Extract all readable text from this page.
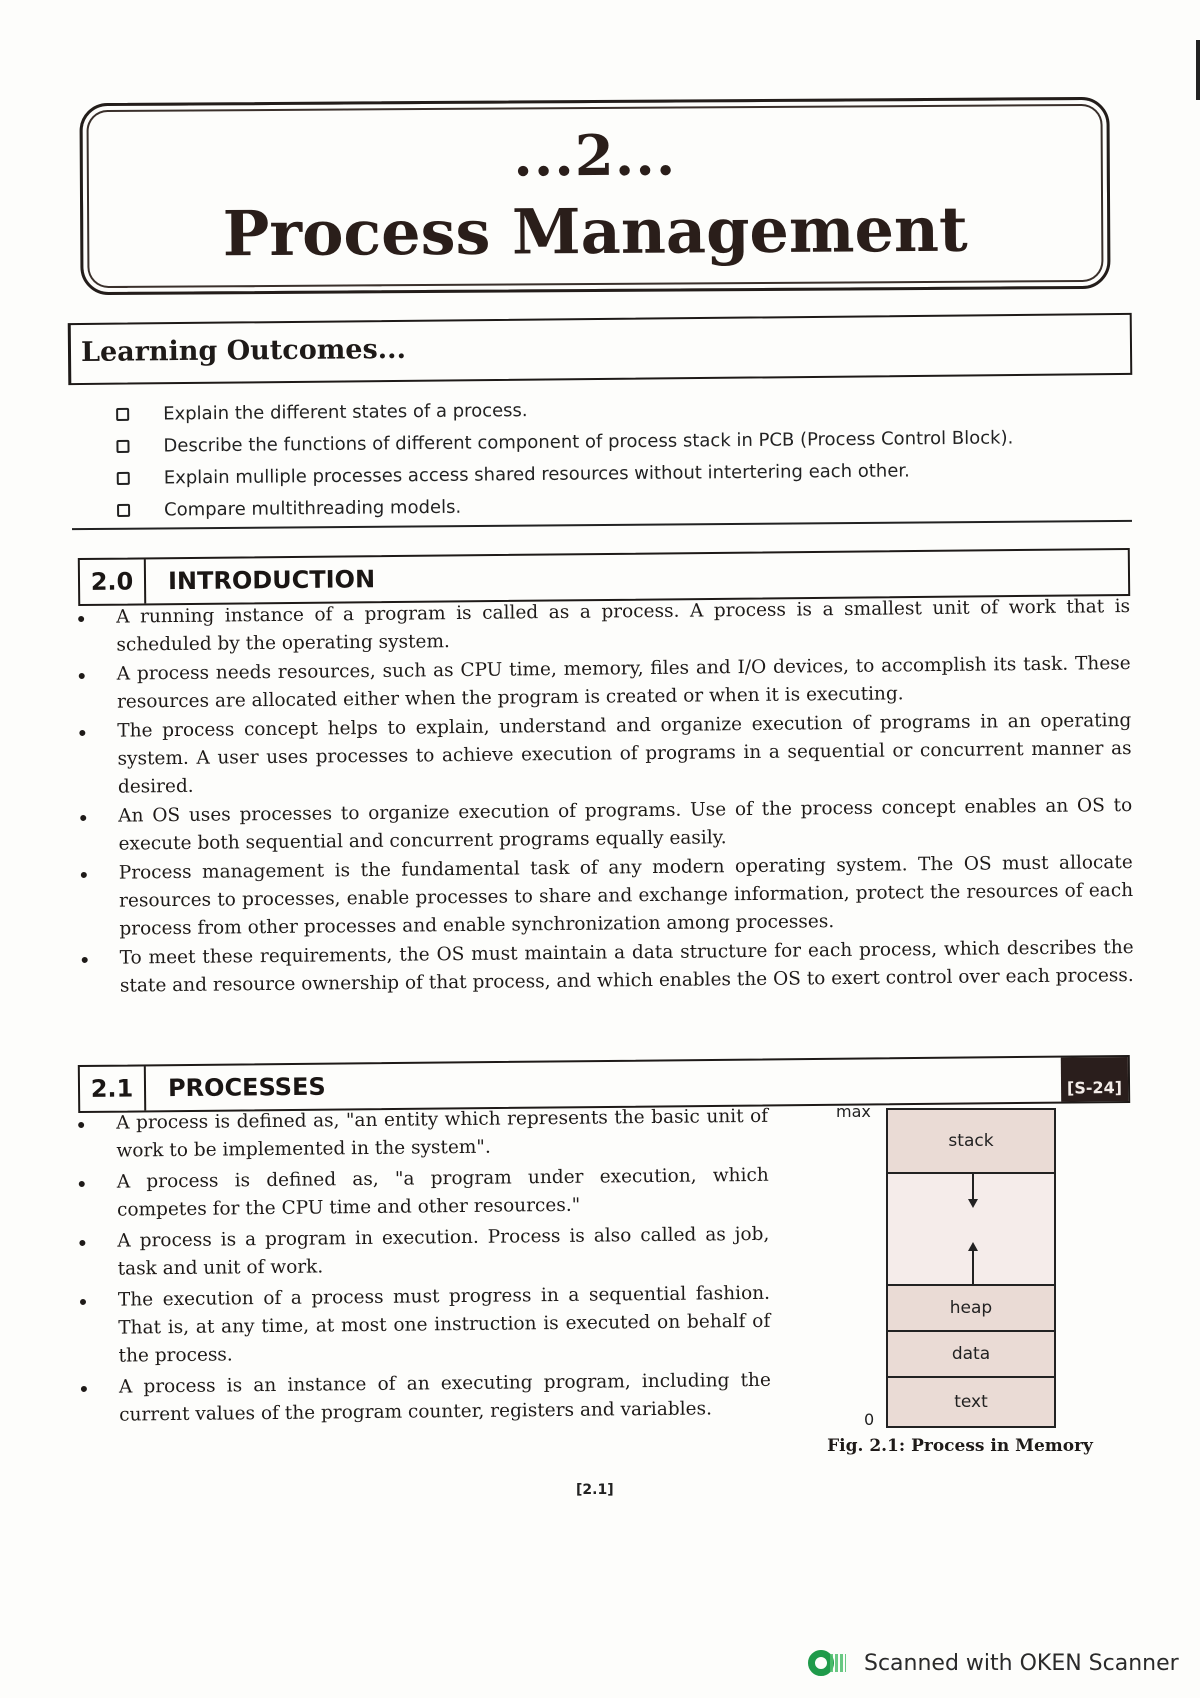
...2...
Process Management
Learning Outcomes...
Explain the different states of a process.
Describe the functions of different component of process stack in PCB (Process Control Block).
Explain mulliple processes access shared resources without intertering each other.
Compare multithreading models.
2.0	INTRODUCTION
A running instance of a program is called as a process. A process is a smallest unit of work that is scheduled by the operating system.
A process needs resources, such as CPU time, memory, files and I/O devices, to accomplish its task. These resources are allocated either when the program is created or when it is executing.
The process concept helps to explain, understand and organize execution of programs in an operating system. A user uses processes to achieve execution of programs in a sequential or concurrent manner as desired.
An OS uses processes to organize execution of programs. Use of the process concept enables an OS to execute both sequential and concurrent programs equally easily.
Process management is the fundamental task of any modern operating system. The OS must allocate resources to processes, enable processes to share and exchange information, protect the resources of each process from other processes and enable synchronization among processes.
To meet these requirements, the OS must maintain a data structure for each process, which describes the state and resource ownership of that process, and which enables the OS to exert control over each process.
2.1	PROCESSES	[S-24]
A process is defined as, "an entity which represents the basic unit of work to be implemented in the system".
A process is defined as, "a program under execution, which competes for the CPU time and other resources."
A process is a program in execution. Process is also called as job, task and unit of work.
The execution of a process must progress in a sequential fashion. That is, at any time, at most one instruction is executed on behalf of the process.
A process is an instance of an executing program, including the current values of the program counter, registers and variables.
max
stack
heap
data
text
0
Fig. 2.1: Process in Memory
[2.1]
Scanned with OKEN Scanner
